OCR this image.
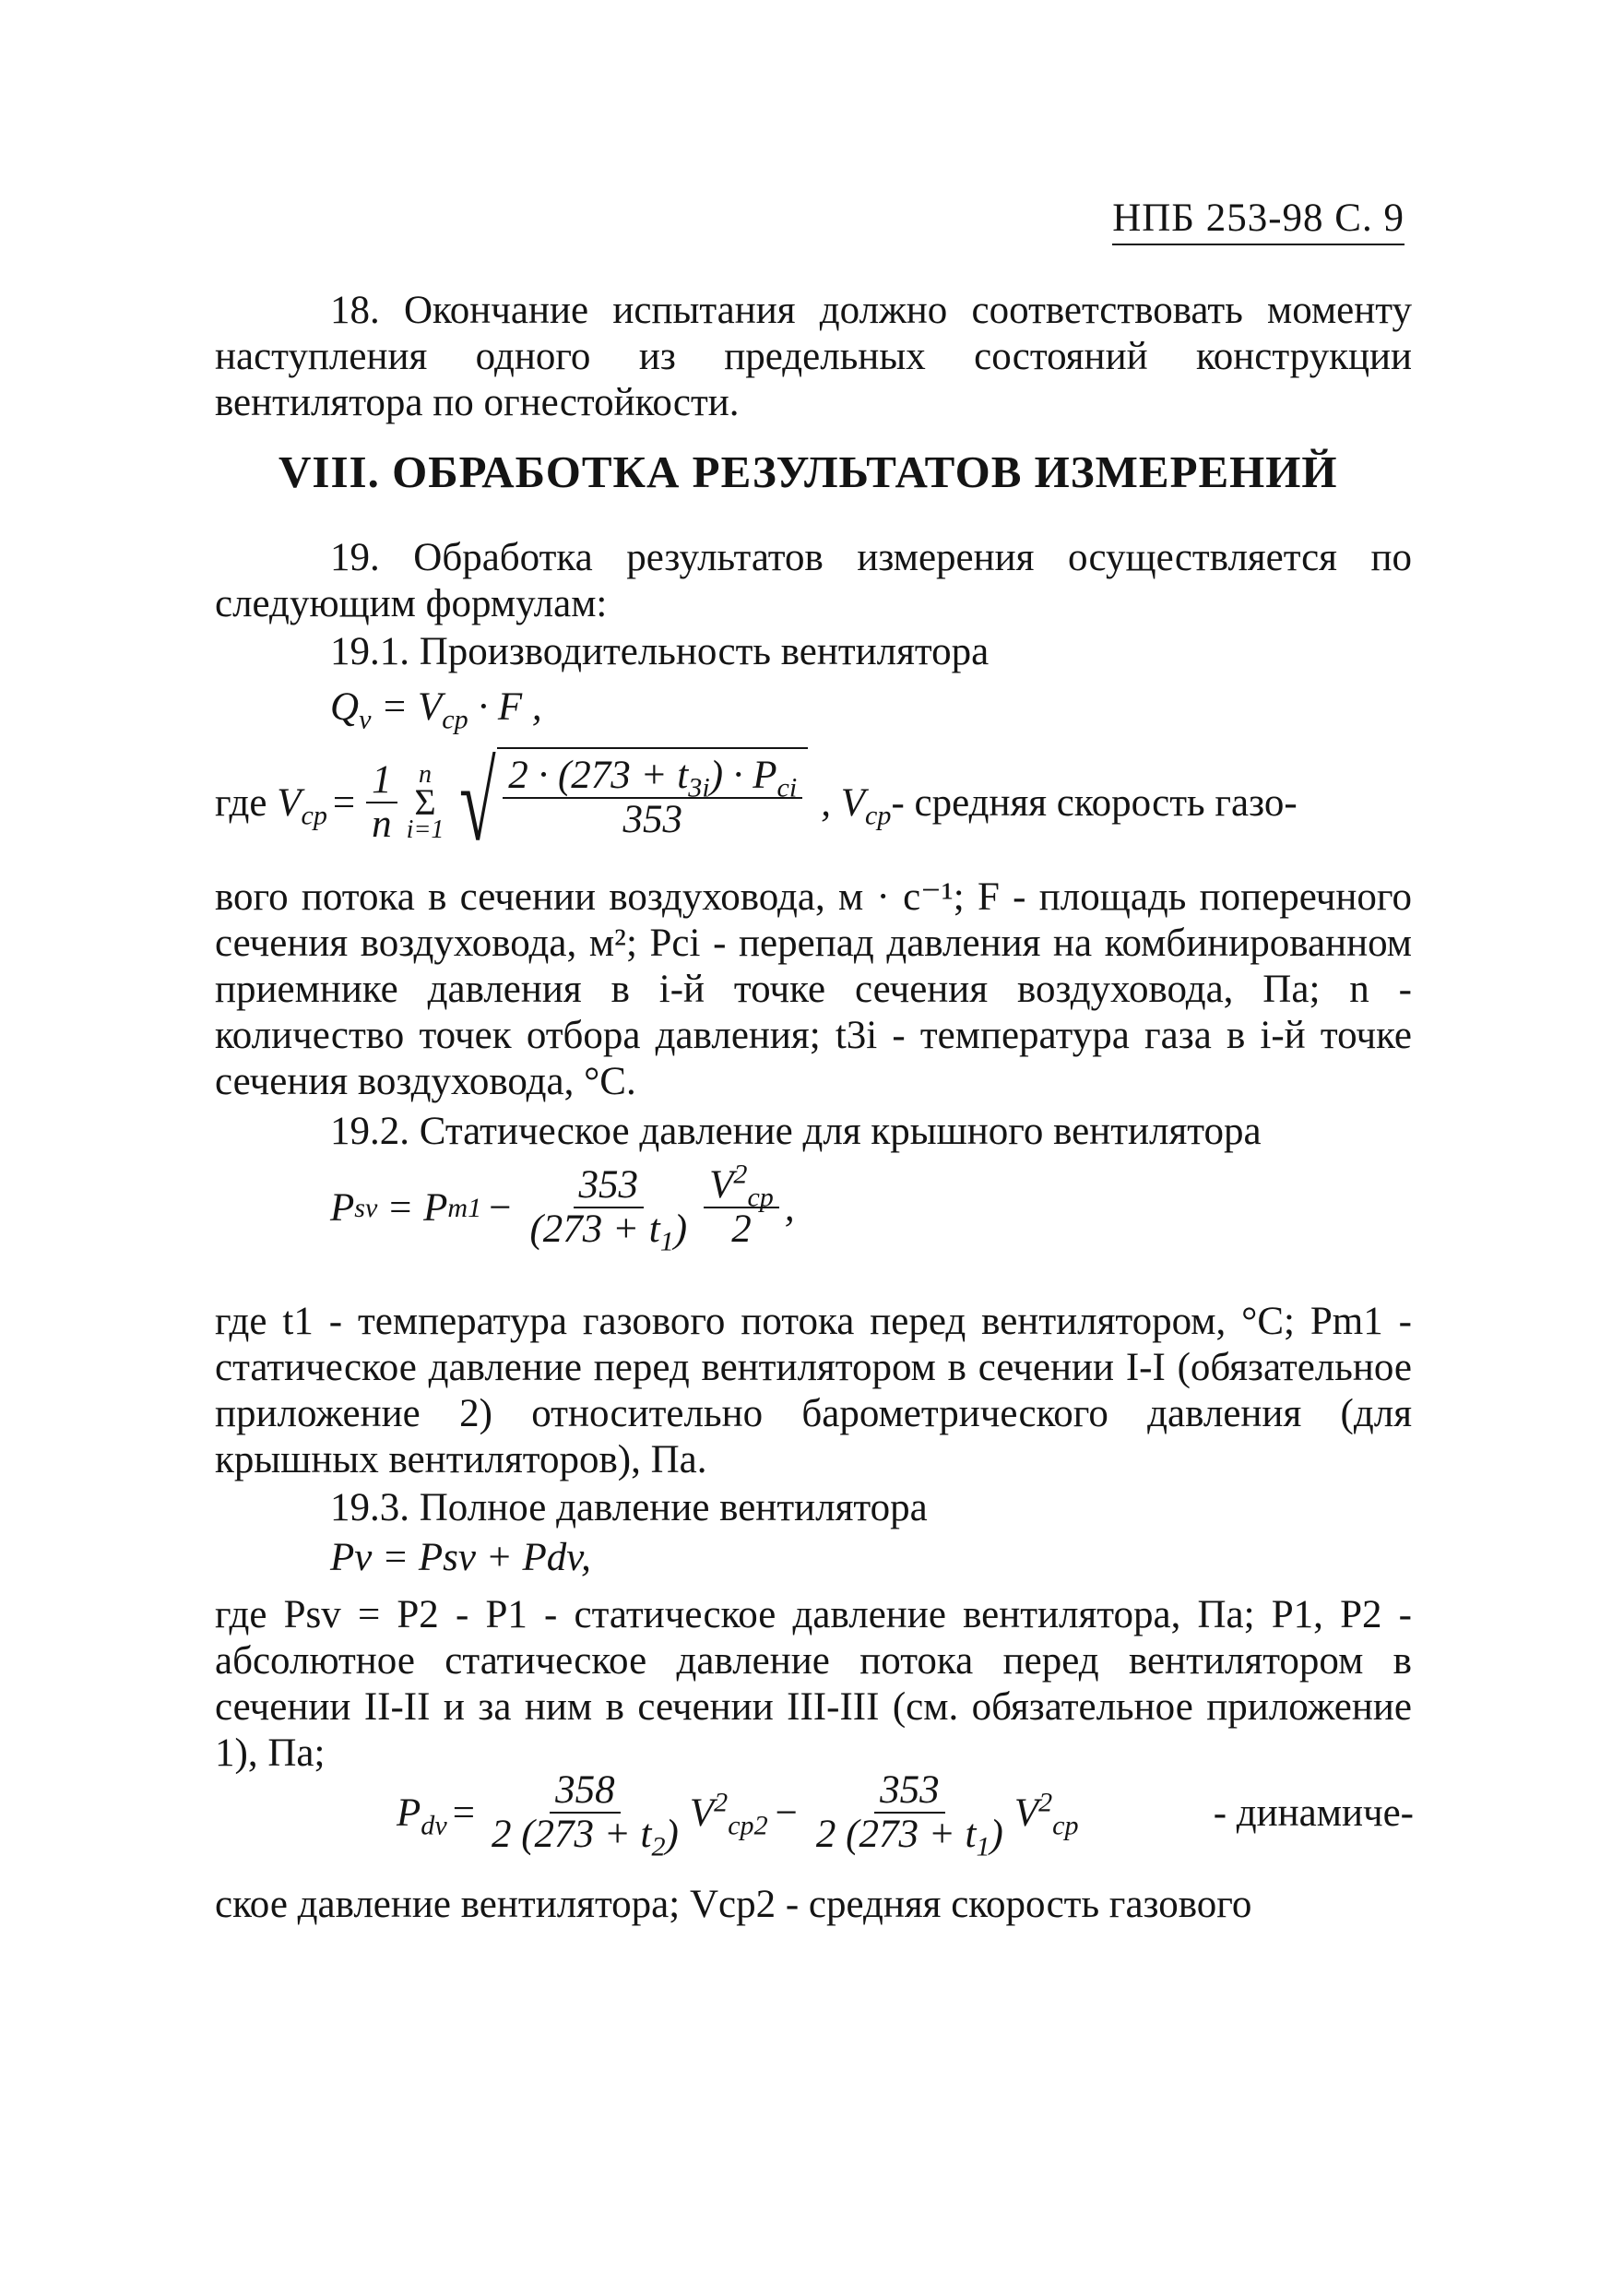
НПБ 253-98 С. 9

18. Окончание испытания должно соответствовать моменту наступления одного из предельных состояний конструкции вентилятора по огнестойкости.

VIII. ОБРАБОТКА РЕЗУЛЬТАТОВ ИЗМЕРЕНИЙ

19. Обработка результатов измерения осуществляется по следующим формулам:

19.1. Производительность вентилятора
$Q_v = V_{cp} \cdot F$ ,
где
$V_{cp} = \frac{1}{n}$ n
Σ
i=1 √ $\frac{2 \cdot (273 + t_{3i}) \cdot P_{ci}}{353}$ , $V_{cp}$ - средняя скорость газо-

вого потока в сечении воздуховода, м · с⁻¹; F - площадь поперечного сечения воздуховода, м²; Pci - перепад давления на комбинированном приемнике давления в i-й точке сечения воздуховода, Па; n - количество точек отбора давления; t3i - температура газа в i-й точке сечения воздуховода, °С.

19.2. Статическое давление для крышного вентилятора
P sv = P $m1 - \frac{353}{(273 + t_1)} \frac{V^2_{cp}}{2}$ ,

где t1 - температура газового потока перед вентилятором, °С; Pm1 - статическое давление перед вентилятором в сечении I-I (обязательное приложение 2) относительно барометрического давления (для крышных вентиляторов), Па.

19.3. Полное давление вентилятора
Pv = Psv + Pdv,

где Psv = P2 - P1 - статическое давление вентилятора, Па; P1, P2 - абсолютное статическое давление потока перед вентилятором в сечении II-II и за ним в сечении III-III (см. обязательное приложение 1), Па;

$P_{dv} = \frac{358}{2 (273 + t_2)} V^2_{cp2} - \frac{353}{2 (273 + t_1)} V^2_{cp}$	- динамиче-

ское давление вентилятора; Vcp2 - средняя скорость газового
